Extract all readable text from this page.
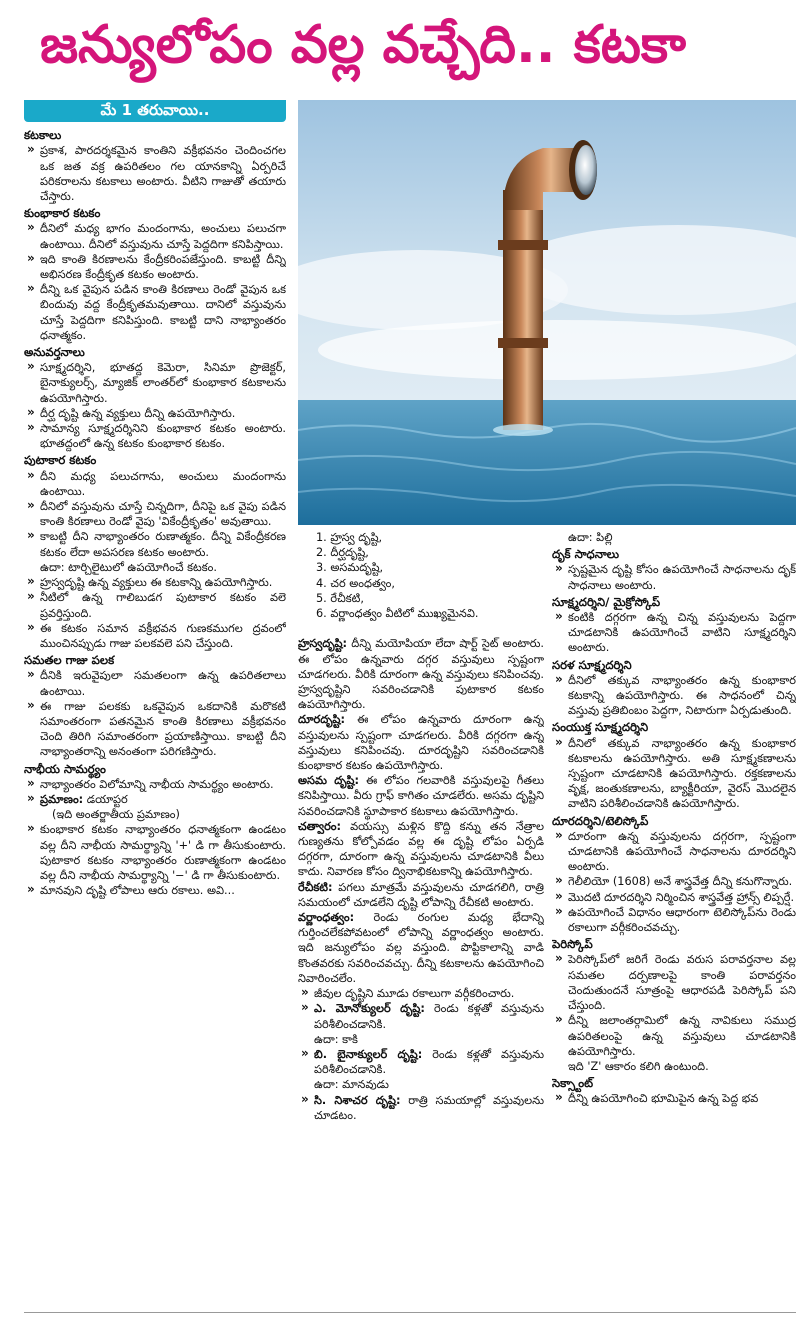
జన్యులోపం వల్ల వచ్చేది.. కటకా
మే 1 తరువాయి..
కటకాలు
» ప్రకాశ, పారదర్శకమైన కాంతిని వక్రీభవనం చెందించగల ఒక జత వక్ర ఉపరితలం గల యానకాన్ని ఏర్పరిచే పరికరాలను కటకాలు అంటారు. వీటిని గాజుతో తయారు చేస్తారు.
కుంభాకార కటకం
» దీనిలో మధ్య భాగం మందంగాను, అంచులు పలుచగా ఉంటాయి. దీనిలో వస్తువును చూస్తే పెద్దదిగా కనిపిస్తాయి.
» ఇది కాంతి కిరణాలను కేంద్రీకరింపజేస్తుంది. కాబట్టి దీన్ని అభిసరణ కేంద్రీకృత కటకం అంటారు.
» దీన్ని ఒక వైపున పడిన కాంతి కిరణాలు రెండో వైపున ఒక బిందువు వద్ద కేంద్రీకృతమవుతాయి. దానిలో వస్తువును చూస్తే పెద్దదిగా కనిపిస్తుంది. కాబట్టి దాని నాభ్యాంతరం ధనాత్మకం.
అనువర్తనాలు
» సూక్ష్మదర్శిని, భూతద్ద కెమెరా, సినిమా ప్రొజెక్టర్, బైనాక్యులర్స్, మ్యాజిక్ లాంతర్‌లో కుంభాకార కటకాలను ఉపయోగిస్తారు.
» దీర్ఘ దృష్టి ఉన్న వ్యక్తులు దీన్ని ఉపయోగిస్తారు.
» సామాన్య సూక్ష్మదర్శినిని కుంభాకార కటకం అంటారు. భూతద్దంలో ఉన్న కటకం కుంభాకార కటకం.
పుటాకార కటకం
» దీని మధ్య పలుచగాను, అంచులు మందంగాను ఉంటాయి.
» దీనిలో వస్తువును చూస్తే చిన్నదిగా, దీనిపై ఒక వైపు పడిన కాంతి కిరణాలు రెండో వైపు 'వికేంద్రీకృతం' అవుతాయి.
» కాబట్టి దీని నాభ్యాంతరం రుణాత్మకం. దీన్ని వికేంద్రీకరణ కటకం లేదా అపసరణ కటకం అంటారు.
ఉదా: టార్చిలైటులో ఉపయోగించే కటకం.
» హ్రస్వదృష్టి ఉన్న వ్యక్తులు ఈ కటకాన్ని ఉపయోగిస్తారు.
» నీటిలో ఉన్న గాలిబుడగ పుటాకార కటకం వలె ప్రవర్తిస్తుంది.
» ఈ కటకం సమాన వక్రీభవన గుణకముగల ద్రవంలో ముంచినప్పుడు గాజు పలకవలె పని చేస్తుంది.
సమతల గాజు పలక
» దీనికి ఇరువైపులా సమతలంగా ఉన్న ఉపరితలాలు ఉంటాయి.
» ఈ గాజు పలకకు ఒకవైపున ఒకదానికి మరొకటి సమాంతరంగా పతనమైన కాంతి కిరణాలు వక్రీభవనం చెంది తిరిగి సమాంతరంగా ప్రయాణిస్తాయి. కాబట్టి దీని నాభ్యాంతరాన్ని అనంతంగా పరిగణిస్తారు.
నాభీయ సామర్థ్యం
» నాభ్యాంతరం విలోమాన్ని నాభీయ సామర్థ్యం అంటారు.
» ప్రమాణం: డయాప్టర
(ఇది అంతర్జాతీయ ప్రమాణం)
» కుంభాకార కటకం నాభ్యాంతరం ధనాత్మకంగా ఉండటం వల్ల దీని నాభీయ సామర్థ్యాన్ని '+' డి గా తీసుకుంటారు. పుటాకార కటకం నాభ్యాంతరం రుణాత్మకంగా ఉండటం వల్ల దీని నాభీయ సామర్థ్యాన్ని '−' డి గా తీసుకుంటారు.
» మానవుని దృష్టి లోపాలు ఆరు రకాలు. అవి...
1. హ్రస్వ దృష్టి,2. దీర్ఘదృష్టి,
3. అసమదృష్టి,4. చర అంధత్వం,
5. రేచీకటి,
6. వర్ణాంధత్వం వీటిలో ముఖ్యమైనవి.
హ్రస్వదృష్టి: దీన్ని మయోపియా లేదా షార్ట్ సైట్ అంటారు. ఈ లోపం ఉన్నవారు దగ్గర వస్తువులు స్పష్టంగా చూడగలరు. వీరికి దూరంగా ఉన్న వస్తువులు కనిపించవు. హ్రస్వదృష్టిని సవరించడానికి పుటాకార కటకం ఉపయోగిస్తారు.
దూరదృష్టి: ఈ లోపం ఉన్నవారు దూరంగా ఉన్న వస్తువులను స్పష్టంగా చూడగలరు. వీరికి దగ్గరగా ఉన్న వస్తువులు కనిపించవు. దూరదృష్టిని సవరించడానికి కుంభాకార కటకం ఉపయోగిస్తారు.
అసమ దృష్టి: ఈ లోపం గలవారికి వస్తువులపై గీతలు కనిపిస్తాయి. వీరు గ్రాఫ్ కాగితం చూడలేరు. అసమ దృష్టిని సవరించడానికి స్థూపాకార కటకాలు ఉపయోగిస్తారు.
చత్వారం: వయస్సు మళ్లిన కొద్ది కన్ను తన నేత్రాల గుణ్యతను కోల్పోవడం వల్ల ఈ దృష్టి లోపం ఏర్పడి దగ్గరగా, దూరంగా ఉన్న వస్తువులను చూడటానికి వీలు కాదు. నివారణ కోసం ద్వినాభికటకాన్ని ఉపయోగిస్తారు.
రేచీకటి: పగలు మాత్రమే వస్తువులను చూడగలిగి, రాత్రి సమయంలో చూడలేని దృష్టి లోపాన్ని రేచీకటి అంటారు.
వర్ణాంధత్వం: రెండు రంగుల మధ్య భేదాన్ని గుర్తించలేకపోవటంలో లోపాన్ని వర్ణాంధత్వం అంటారు. ఇది జన్యులోపం వల్ల వస్తుంది. పొప్టికాలాన్ని వాడి కొంతవరకు సవరించవచ్చు. దీన్ని కటకాలను ఉపయోగించి నివారించలేం.
» జీవుల దృష్టిని మూడు రకాలుగా వర్గీకరించారు.
» ఎ. మోనోక్యులర్ దృష్టి: రెండు కళ్లతో వస్తువును పరిశీలించడానికి.
ఉదా: కాకి
» బి. బైనాక్యులర్ దృష్టి: రెండు కళ్లతో వస్తువును పరిశీలించడానికి.
ఉదా: మానవుడు
» సి. నిశాచర దృష్టి: రాత్రి సమయాల్లో వస్తువులను చూడటం.
ఉదా: పిల్లి
దృక్ సాధనాలు
» స్పష్టమైన దృష్టి కోసం ఉపయోగించే సాధనాలను దృక్ సాధనాలు అంటారు.
సూక్ష్మదర్శిని/ మైక్రోస్కోప్
» కంటికి దగ్గరగా ఉన్న చిన్న వస్తువులను పెద్దగా చూడటానికి ఉపయోగించే వాటిని సూక్ష్మదర్శిని అంటారు.
సరళ సూక్ష్మదర్శిని
» దీనిలో తక్కువ నాభ్యాంతరం ఉన్న కుంభాకార కటకాన్ని ఉపయోగిస్తారు. ఈ సాధనంలో చిన్న వస్తువు ప్రతిబింబం పెద్దగా, నిటారుగా ఏర్పడుతుంది.
సంయుక్త సూక్ష్మదర్శిని
» దీనిలో తక్కువ నాభ్యాంతరం ఉన్న కుంభాకార కటకాలను ఉపయోగిస్తారు. అతి సూక్ష్మకణాలను స్పష్టంగా చూడటానికి ఉపయోగిస్తారు. రక్తకణాలను వృక్ష, జంతుకణాలను, బ్యాక్టీరియా, వైరస్ మొదలైన వాటిని పరిశీలించడానికి ఉపయోగిస్తారు.
దూరదర్శిని/టెలిస్కోప్
» దూరంగా ఉన్న వస్తువులను దగ్గరగా, స్పష్టంగా చూడటానికి ఉపయోగించే సాధనాలను దూరదర్శిని అంటారు.
» గెలీలియో (1608) అనే శాస్త్రవేత్త దీన్ని కనుగొన్నారు.
» మొదటి దూరదర్శిని నిర్మించిన శాస్త్రవేత్త హ్రాన్స్ లిప్పర్షే.
» ఉపయోగించే విధానం ఆధారంగా టెలిస్కోప్‌ను రెండు రకాలుగా వర్గీకరించవచ్చు.
పెరిస్కోప్
» పెరిస్కోప్‌లో జరిగే రెండు వరుస పరావర్తనాల వల్ల సమతల దర్పణాలపై కాంతి పరావర్తనం చెందుతుందనే సూత్రంపై ఆధారపడి పెరిస్కోప్ పని చేస్తుంది.
» దీన్ని జలాంతర్గామిలో ఉన్న నావికులు సముద్ర ఉపరితలంపై ఉన్న వస్తువులు చూడటానికి ఉపయోగిస్తారు.
ఇది 'Z' ఆకారం కలిగి ఉంటుంది.
సెక్స్టాంట్
» దీన్ని ఉపయోగించి భూమిపైన ఉన్న పెద్ద భవ
